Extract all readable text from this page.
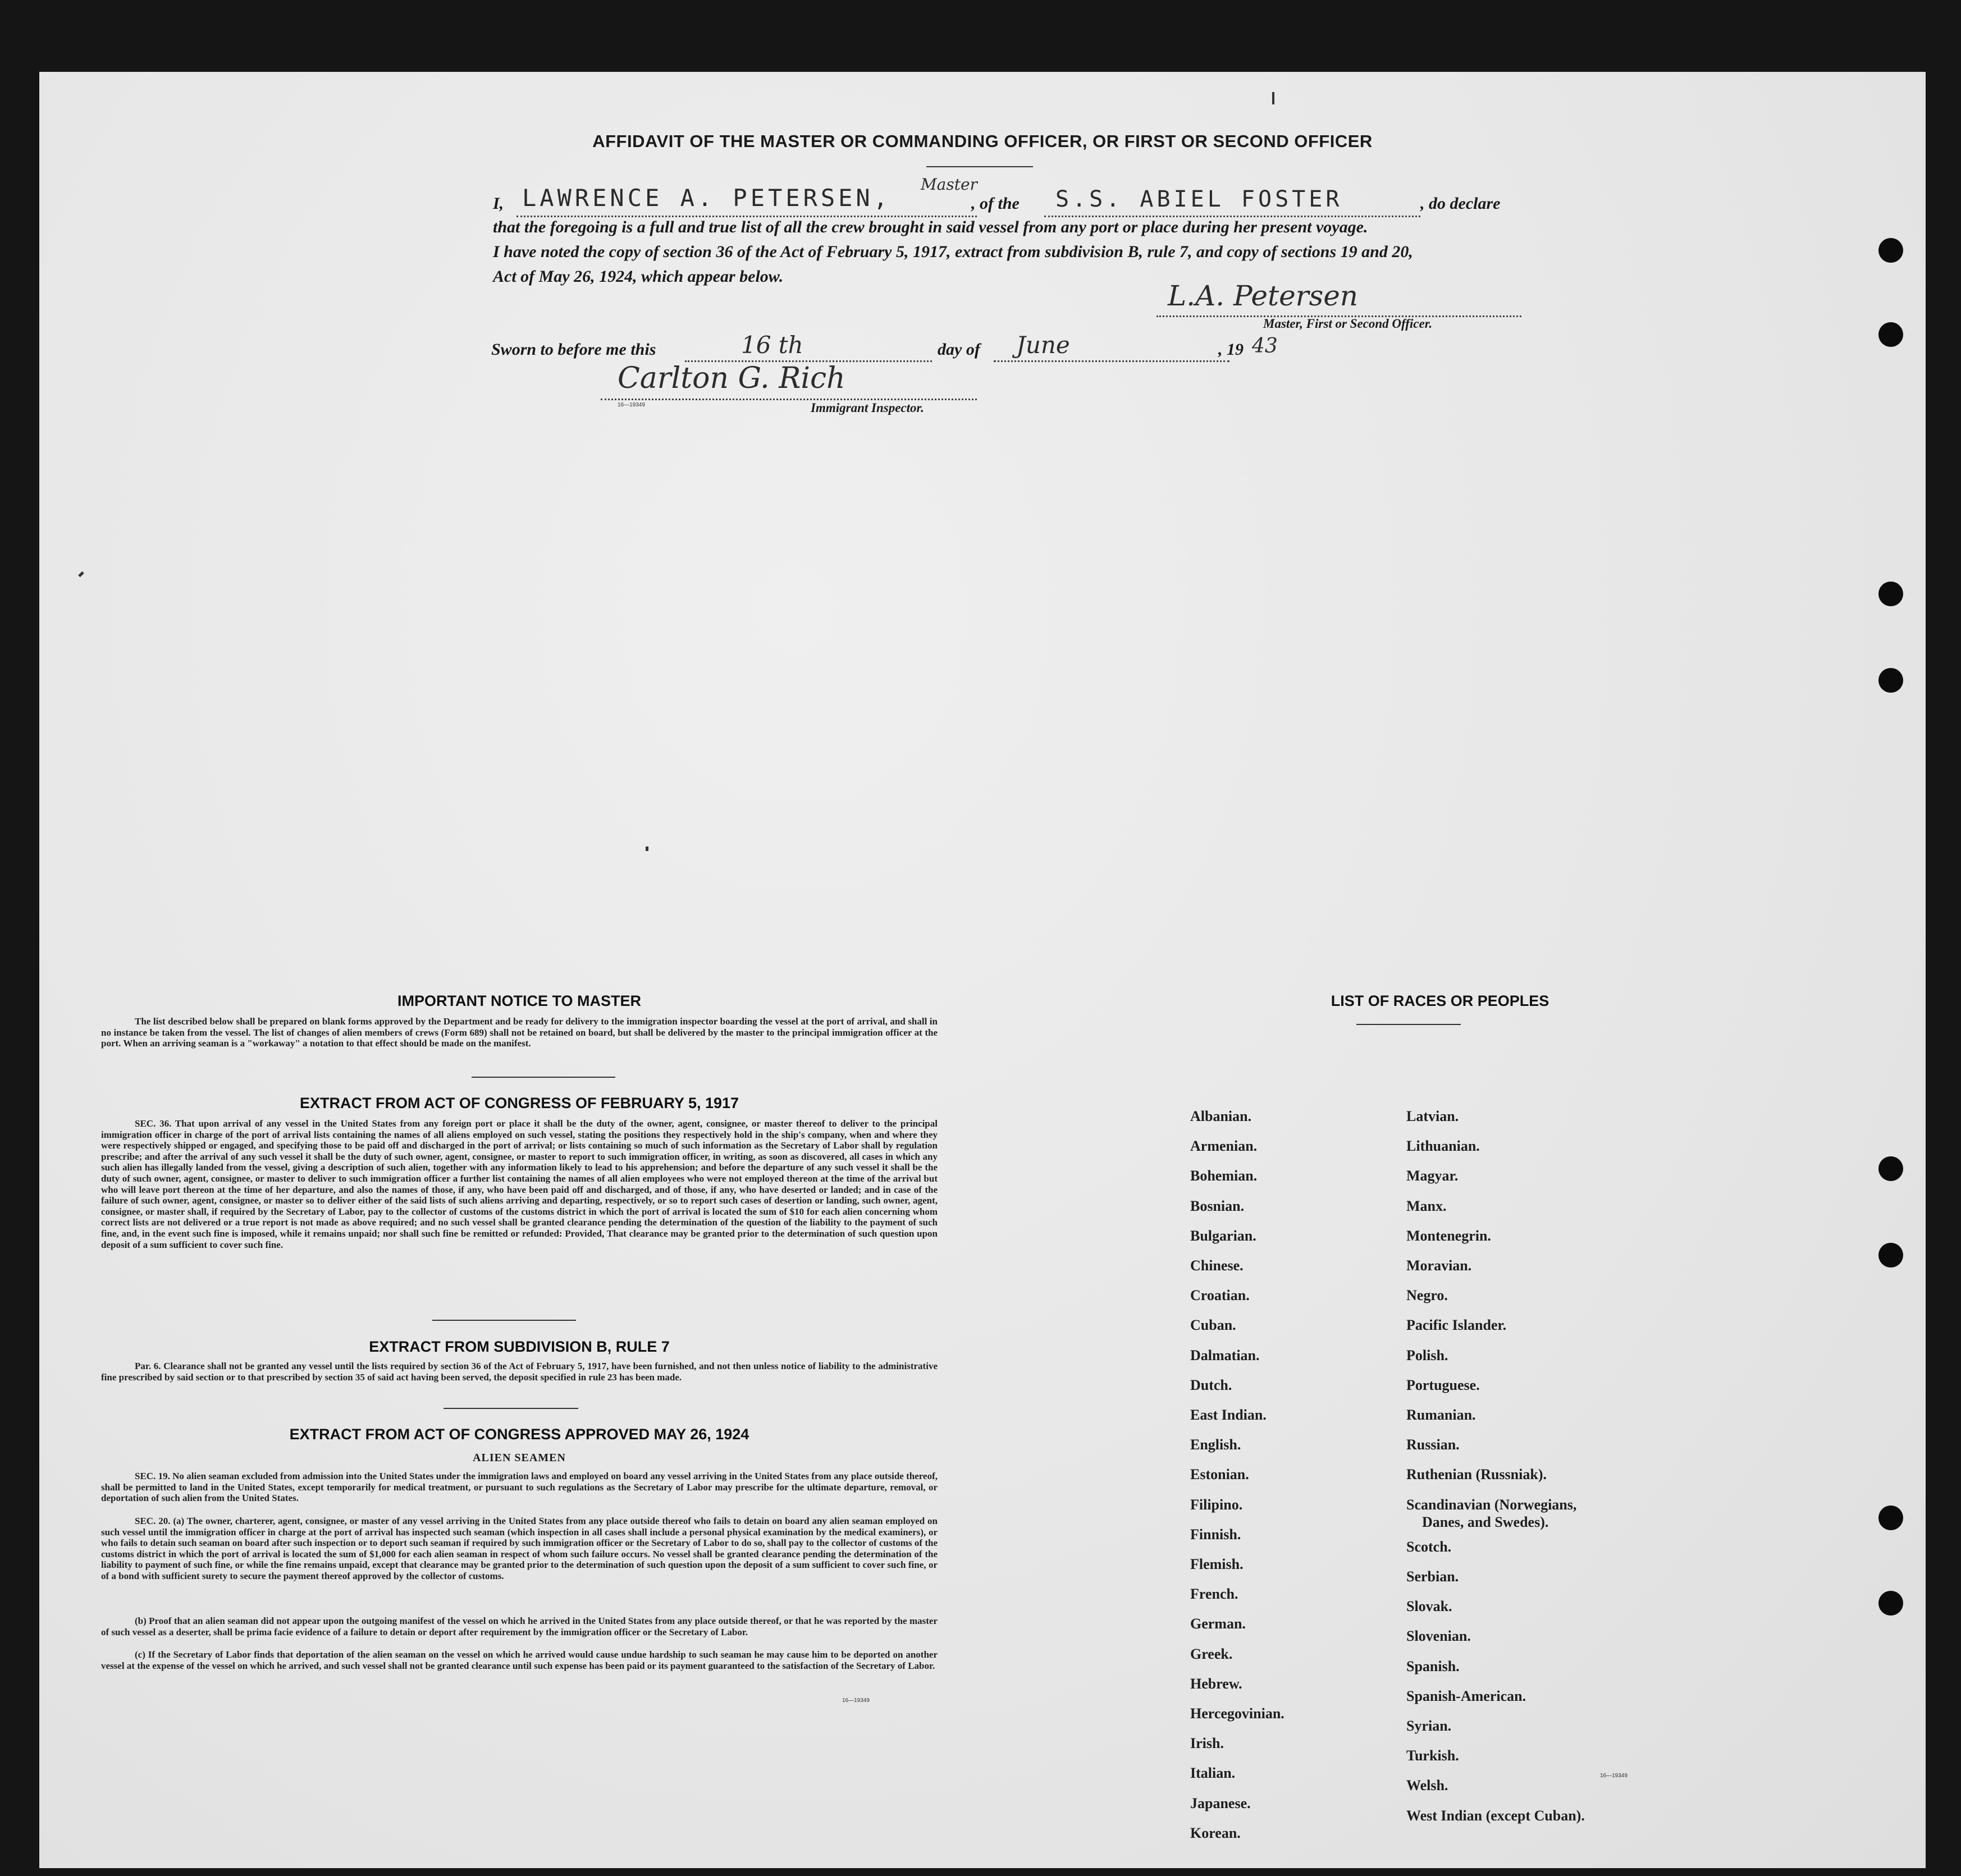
AFFIDAVIT OF THE MASTER OR COMMANDING OFFICER, OR FIRST OR SECOND OFFICER
I, LAWRENCE A. PETERSEN, Master
, of the S.S. ABIEL FOSTER	, do declare
that the foregoing is a full and true list of all the crew brought in said vessel from any port or place during her present voyage.
I have noted the copy of section 36 of the Act of February 5, 1917, extract from subdivision B, rule 7, and copy of sections 19 and 20,
Act of May 26, 1924, which appear below.
L.A. Petersen
Master, First or Second Officer.
Sworn to before me this	16 th	day of June	, 19 43
Carlton G. Rich
16—19349	Immigrant Inspector.
IMPORTANT NOTICE TO MASTER
The list described below shall be prepared on blank forms approved by the Department and be ready for delivery to the immigration inspector boarding the vessel at the port of arrival, and shall in no instance be taken from the vessel. The list of changes of alien members of crews (Form 689) shall not be retained on board, but shall be delivered by the master to the principal immigration officer at the port. When an arriving seaman is a "workaway" a notation to that effect should be made on the manifest.
EXTRACT FROM ACT OF CONGRESS OF FEBRUARY 5, 1917
SEC. 36. That upon arrival of any vessel in the United States from any foreign port or place it shall be the duty of the owner, agent, consignee, or master thereof to deliver to the principal immigration officer in charge of the port of arrival lists containing the names of all aliens employed on such vessel, stating the positions they respectively hold in the ship's company, when and where they were respectively shipped or engaged, and specifying those to be paid off and discharged in the port of arrival; or lists containing so much of such information as the Secretary of Labor shall by regulation prescribe; and after the arrival of any such vessel it shall be the duty of such owner, agent, consignee, or master to report to such immigration officer, in writing, as soon as discovered, all cases in which any such alien has illegally landed from the vessel, giving a description of such alien, together with any information likely to lead to his apprehension; and before the departure of any such vessel it shall be the duty of such owner, agent, consignee, or master to deliver to such immigration officer a further list containing the names of all alien employees who were not employed thereon at the time of the arrival but who will leave port thereon at the time of her departure, and also the names of those, if any, who have been paid off and discharged, and of those, if any, who have deserted or landed; and in case of the failure of such owner, agent, consignee, or master so to deliver either of the said lists of such aliens arriving and departing, respectively, or so to report such cases of desertion or landing, such owner, agent, consignee, or master shall, if required by the Secretary of Labor, pay to the collector of customs of the customs district in which the port of arrival is located the sum of $10 for each alien concerning whom correct lists are not delivered or a true report is not made as above required; and no such vessel shall be granted clearance pending the determination of the question of the liability to the payment of such fine, and, in the event such fine is imposed, while it remains unpaid; nor shall such fine be remitted or refunded: Provided, That clearance may be granted prior to the determination of such question upon deposit of a sum sufficient to cover such fine.
EXTRACT FROM SUBDIVISION B, RULE 7
Par. 6. Clearance shall not be granted any vessel until the lists required by section 36 of the Act of February 5, 1917, have been furnished, and not then unless notice of liability to the administrative fine prescribed by said section or to that prescribed by section 35 of said act having been served, the deposit specified in rule 23 has been made.
EXTRACT FROM ACT OF CONGRESS APPROVED MAY 26, 1924
ALIEN SEAMEN
SEC. 19. No alien seaman excluded from admission into the United States under the immigration laws and employed on board any vessel arriving in the United States from any place outside thereof, shall be permitted to land in the United States, except temporarily for medical treatment, or pursuant to such regulations as the Secretary of Labor may prescribe for the ultimate departure, removal, or deportation of such alien from the United States.
SEC. 20. (a) The owner, charterer, agent, consignee, or master of any vessel arriving in the United States from any place outside thereof who fails to detain on board any alien seaman employed on such vessel until the immigration officer in charge at the port of arrival has inspected such seaman (which inspection in all cases shall include a personal physical examination by the medical examiners), or who fails to detain such seaman on board after such inspection or to deport such seaman if required by such immigration officer or the Secretary of Labor to do so, shall pay to the collector of customs of the customs district in which the port of arrival is located the sum of $1,000 for each alien seaman in respect of whom such failure occurs. No vessel shall be granted clearance pending the determination of the liability to payment of such fine, or while the fine remains unpaid, except that clearance may be granted prior to the determination of such question upon the deposit of a sum sufficient to cover such fine, or of a bond with sufficient surety to secure the payment thereof approved by the collector of customs.
(b) Proof that an alien seaman did not appear upon the outgoing manifest of the vessel on which he arrived in the United States from any place outside thereof, or that he was reported by the master of such vessel as a deserter, shall be prima facie evidence of a failure to detain or deport after requirement by the immigration officer or the Secretary of Labor.
(c) If the Secretary of Labor finds that deportation of the alien seaman on the vessel on which he arrived would cause undue hardship to such seaman he may cause him to be deported on another vessel at the expense of the vessel on which he arrived, and such vessel shall not be granted clearance until such expense has been paid or its payment guaranteed to the satisfaction of the Secretary of Labor.
16—19349
LIST OF RACES OR PEOPLES
16—19349
Albanian.
Armenian.
Bohemian.
Bosnian.
Bulgarian.
Chinese.
Croatian.
Cuban.
Dalmatian.
Dutch.
East Indian.
English.
Estonian.
Filipino.
Finnish.
Flemish.
French.
German.
Greek.
Hebrew.
Hercegovinian.
Irish.
Italian.
Japanese.
Korean.
Latvian.
Lithuanian.
Magyar.
Manx.
Montenegrin.
Moravian.
Negro.
Pacific Islander.
Polish.
Portuguese.
Rumanian.
Russian.
Ruthenian (Russniak).
Scandinavian (Norwegians,
Danes, and Swedes).
Scotch.
Serbian.
Slovak.
Slovenian.
Spanish.
Spanish-American.
Syrian.
Turkish.
Welsh.
West Indian (except Cuban).
